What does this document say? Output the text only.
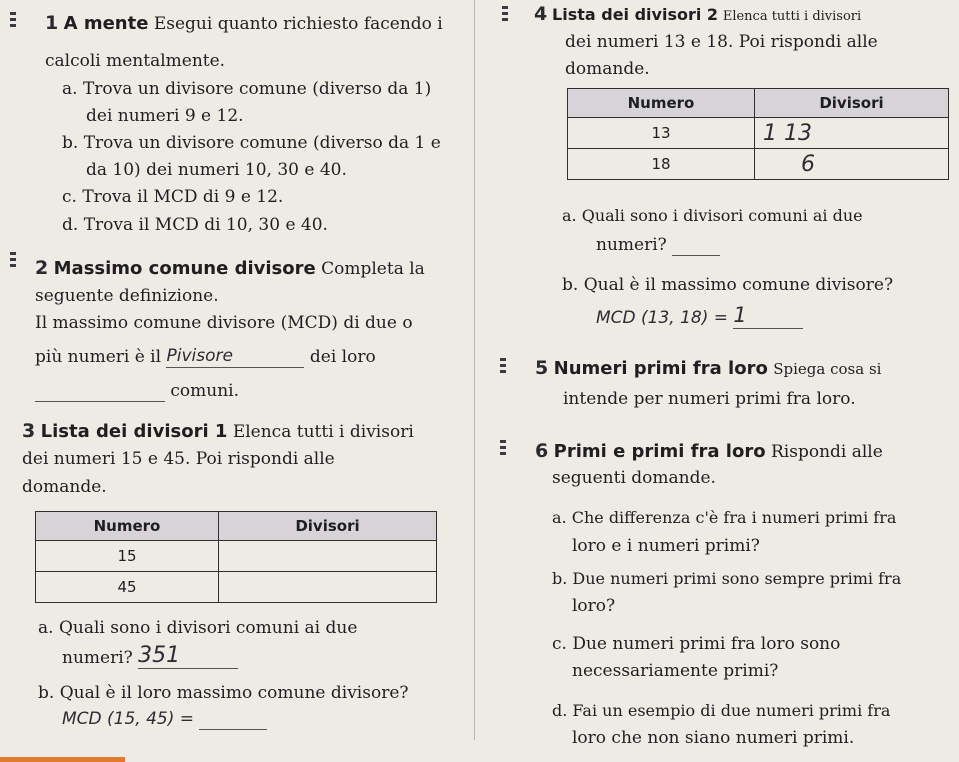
1 A mente Esegui quanto richiesto facendo i
calcoli mentalmente.
a. Trova un divisore comune (diverso da 1)
dei numeri 9 e 12.
b. Trova un divisore comune (diverso da 1 e
da 10) dei numeri 10, 30 e 40.
c. Trova il MCD di 9 e 12.
d. Trova il MCD di 10, 30 e 40.
2 Massimo comune divisore Completa la
seguente definizione.
Il massimo comune divisore (MCD) di due o
più numeri è il Pivisore	dei loro
comuni.
3 Lista dei divisori 1 Elenca tutti i divisori
dei numeri 15 e 45. Poi rispondi alle
domande.
Numero	Divisori
15	
45	
a. Quali sono i divisori comuni ai due
numeri? 351
b. Qual è il loro massimo comune divisore?
MCD (15, 45) =
4 Lista dei divisori 2 Elenca tutti i divisori
dei numeri 13 e 18. Poi rispondi alle
domande.
Numero	Divisori
13	1 13
18	6
a. Quali sono i divisori comuni ai due
numeri?
b. Qual è il massimo comune divisore?
MCD (13, 18) = 1
5 Numeri primi fra loro Spiega cosa si
intende per numeri primi fra loro.
6 Primi e primi fra loro Rispondi alle
seguenti domande.
a. Che differenza c'è fra i numeri primi fra
loro e i numeri primi?
b. Due numeri primi sono sempre primi fra
loro?
c. Due numeri primi fra loro sono
necessariamente primi?
d. Fai un esempio di due numeri primi fra
loro che non siano numeri primi.
